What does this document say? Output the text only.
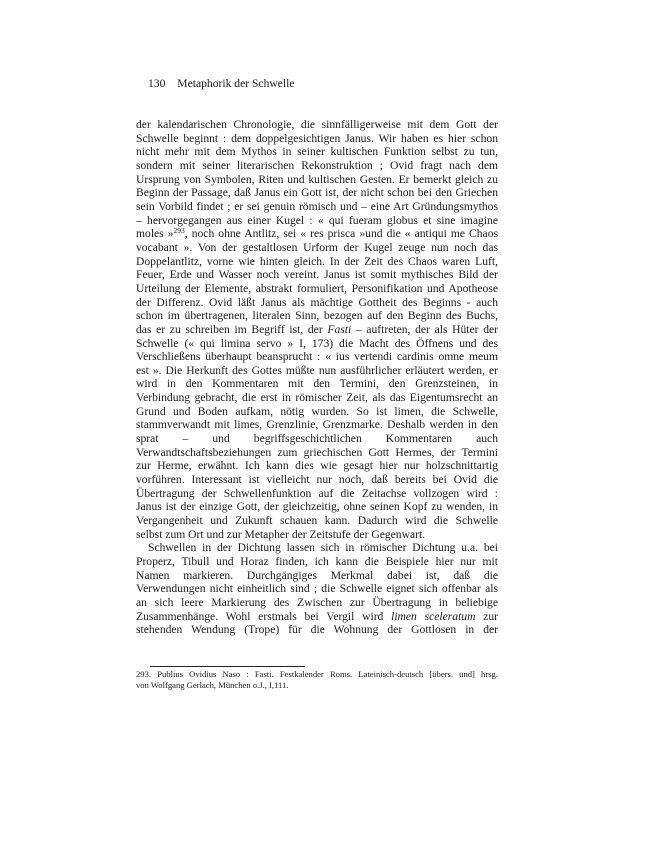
130 Metaphorik der Schwelle
der kalendarischen Chronologie, die sinnfälligerweise mit dem Gott der
Schwelle beginnt : dem doppelgesichtigen Janus. Wir haben es hier schon
nicht mehr mit dem Mythos in seiner kultischen Funktion selbst zu tun,
sondern mit seiner literarischen Rekonstruktion ; Ovid fragt nach dem
Ursprung von Symbolen, Riten und kultischen Gesten. Er bemerkt gleich zu
Beginn der Passage, daß Janus ein Gott ist, der nicht schon bei den Griechen
sein Vorbild findet ; er sei genuin römisch und – eine Art Gründungsmythos
– hervorgegangen aus einer Kugel : « qui fueram globus et sine imagine
moles »$^{293}$, noch ohne Antlitz, sei « res prisca »und die « antiqui me Chaos
vocabant ». Von der gestaltlosen Urform der Kugel zeuge nun noch das
Doppelantlitz, vorne wie hinten gleich. In der Zeit des Chaos waren Luft,
Feuer, Erde und Wasser noch vereint. Janus ist somit mythisches Bild der
Urteilung der Elemente, abstrakt formuliert, Personifikation und Apotheose
der Differenz. Ovid läßt Janus als mächtige Gottheit des Beginns - auch
schon im übertragenen, literalen Sinn, bezogen auf den Beginn des Buchs,
das er zu schreiben im Begriff ist, der Fasti – auftreten, der als Hüter der
Schwelle (« qui limina servo » I, 173) die Macht des Öffnens und des
Verschließens überhaupt beansprucht : « ius vertendi cardinis omne meum
est ». Die Herkunft des Gottes müßte nun ausführlicher erläutert werden, er
wird in den Kommentaren mit den Termini, den Grenzsteinen, in
Verbindung gebracht, die erst in römischer Zeit, als das Eigentumsrecht an
Grund und Boden aufkam, nötig wurden. So ist limen, die Schwelle,
stammverwandt mit limes, Grenzlinie, Grenzmarke. Deshalb werden in den
sprat – und begriffsgeschichtlichen Kommentaren auch
Verwandtschaftsbeziehungen zum griechischen Gott Hermes, der Termini
zur Herme, erwähnt. Ich kann dies wie gesagt hier nur holzschnittartig
vorführen. Interessant ist vielleicht nur noch, daß bereits bei Ovid die
Übertragung der Schwellenfunktion auf die Zeitachse vollzogen wird :
Janus ist der einzige Gott, der gleichzeitig, ohne seinen Kopf zu wenden, in
Vergangenheit und Zukunft schauen kann. Dadurch wird die Schwelle
selbst zum Ort und zur Metapher der Zeitstufe der Gegenwart.
Schwellen in der Dichtung lassen sich in römischer Dichtung u.a. bei
Properz, Tibull und Horaz finden, ich kann die Beispiele hier nur mit
Namen markieren. Durchgängiges Merkmal dabei ist, daß die
Verwendungen nicht einheitlich sind ; die Schwelle eignet sich offenbar als
an sich leere Markierung des Zwischen zur Übertragung in beliebige
Zusammenhänge. Wohl erstmals bei Vergil wird limen sceleratum zur
stehenden Wendung (Trope) für die Wohnung der Gottlosen in der
293. Publius Ovidius Naso : Fasti. Festkalender Roms. Lateinisch-deutsch [übers. und] hrsg.
von Wolfgang Gerlach, München o.J., I,111.
